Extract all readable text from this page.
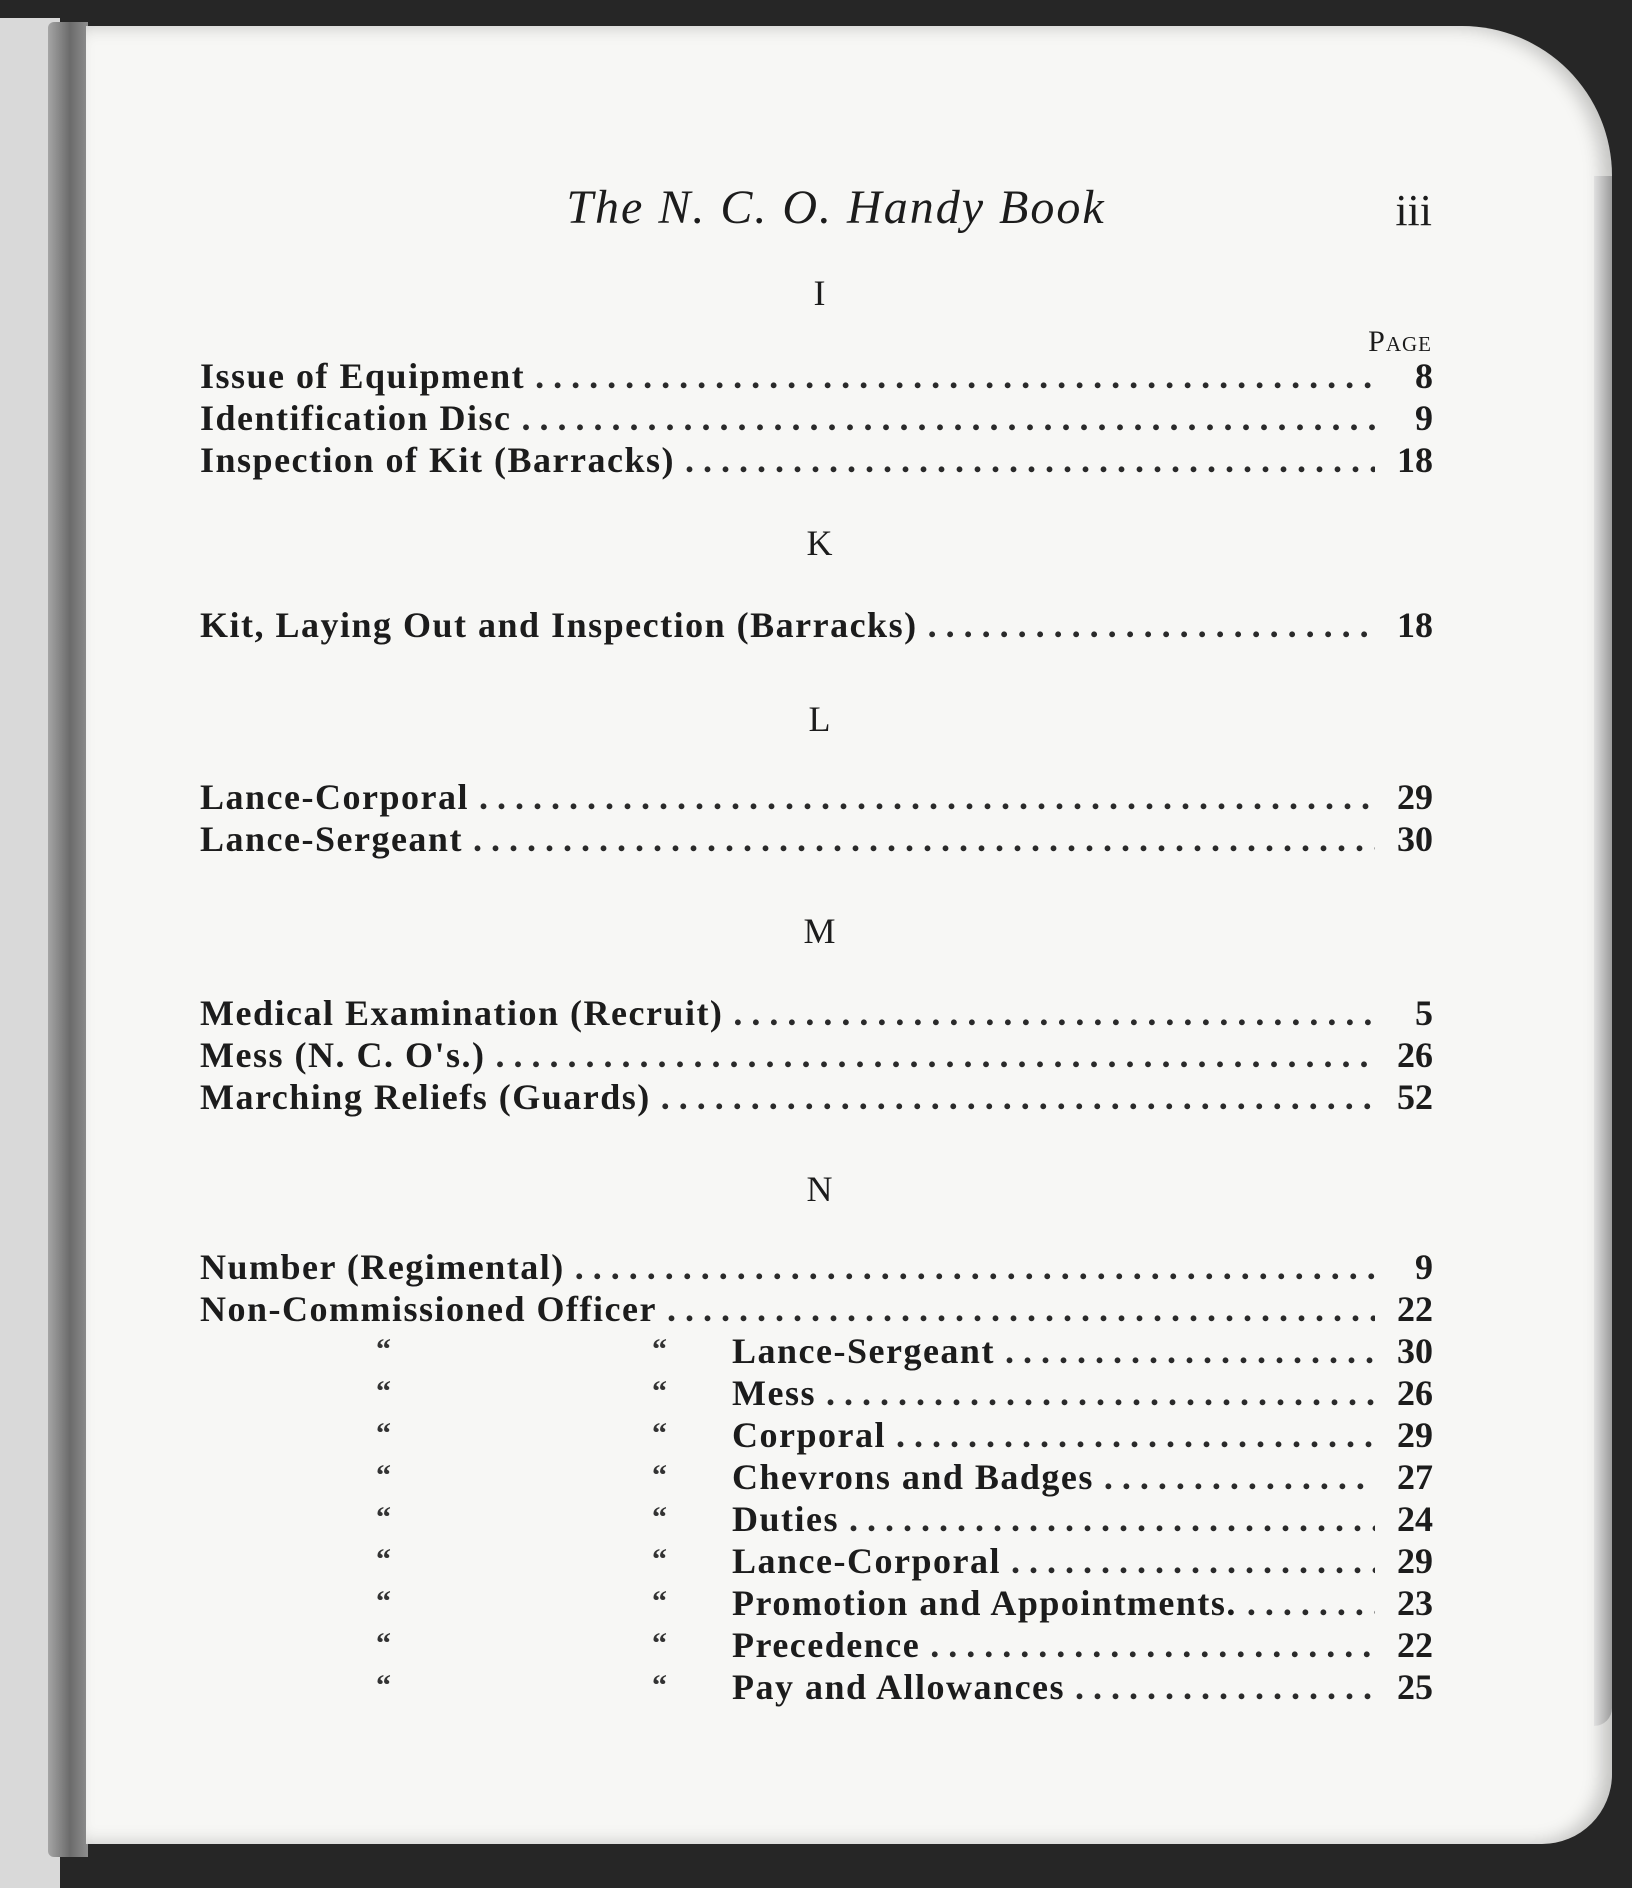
The N. C. O. Handy Book	iii
I
Page
Issue of Equipment .....	8
Identification Disc .....	9
Inspection of Kit (Barracks) .....	18
K
Kit, Laying Out and Inspection (Barracks) .....	18
L
Lance-Corporal .....	29
Lance-Sergeant .....	30
M
Medical Examination (Recruit) .....	5
Mess (N. C. O's.) .....	26
Marching Reliefs (Guards) .....	52
N
Number (Regimental) .....	9
Non-Commissioned Officer .....	22
“	“ Lance-Sergeant .....	30
“	“ Mess .....	26
“	“ Corporal .....	29
“	“ Chevrons and Badges .....	27
“	“ Duties .....	24
“	“ Lance-Corporal .....	29
“	“ Promotion and Appointments. .....	23
“	“ Precedence .....	22
“	“ Pay and Allowances .....	25
